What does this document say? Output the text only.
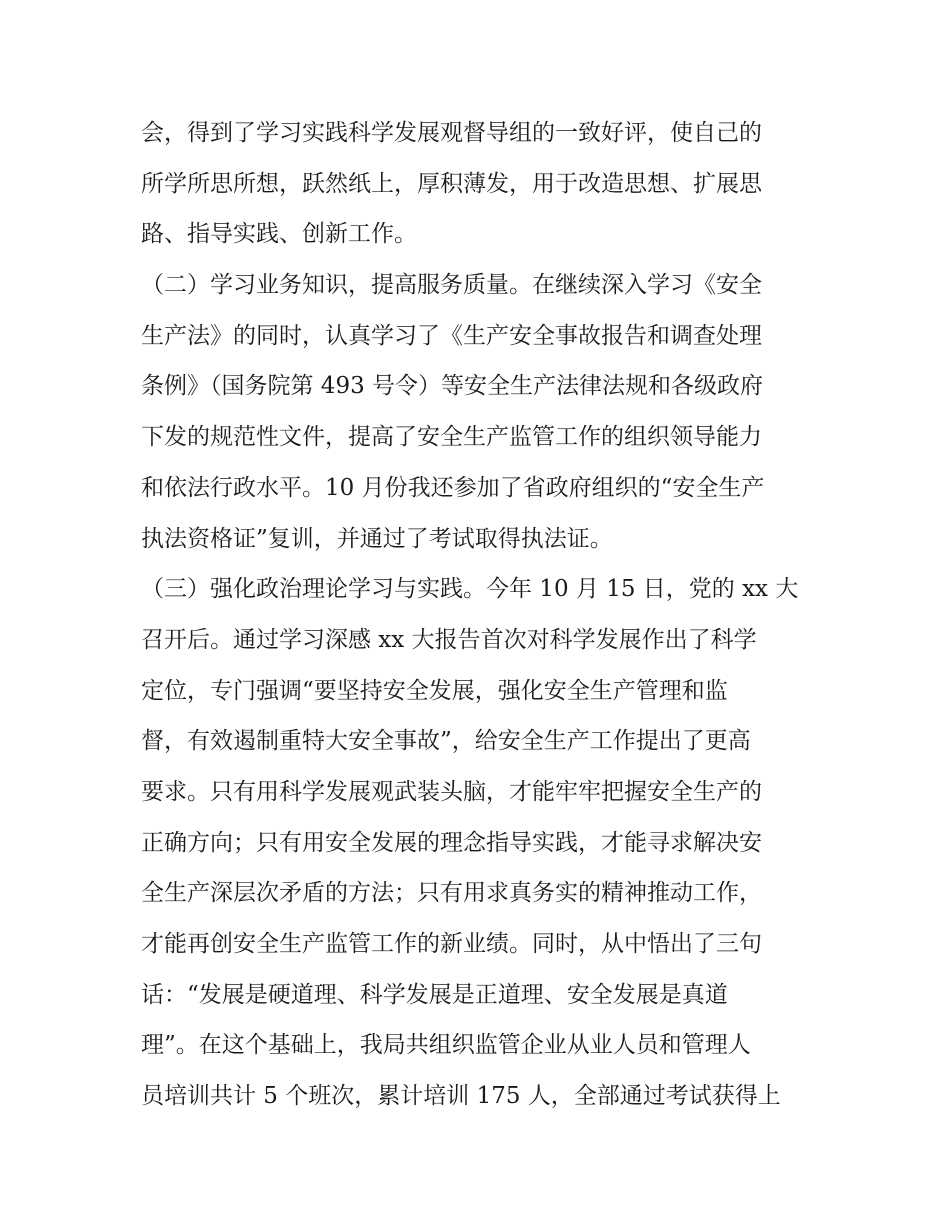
会，得到了学习实践科学发展观督导组的一致好评，使自己的
所学所思所想，跃然纸上，厚积薄发，用于改造思想、扩展思
路、指导实践、创新工作。
（二）学习业务知识，提高服务质量。在继续深入学习《安全
生产法》的同时，认真学习了《生产安全事故报告和调查处理
条例》（国务院第 493 号令）等安全生产法律法规和各级政府
下发的规范性文件，提高了安全生产监管工作的组织领导能力
和依法行政水平。10 月份我还参加了省政府组织的“安全生产
执法资格证”复训，并通过了考试取得执法证。
（三）强化政治理论学习与实践。今年 10 月 15 日，党的 xx 大
召开后。通过学习深感 xx 大报告首次对科学发展作出了科学
定位，专门强调“要坚持安全发展，强化安全生产管理和监
督，有效遏制重特大安全事故”，给安全生产工作提出了更高
要求。只有用科学发展观武装头脑，才能牢牢把握安全生产的
正确方向；只有用安全发展的理念指导实践，才能寻求解决安
全生产深层次矛盾的方法；只有用求真务实的精神推动工作，
才能再创安全生产监管工作的新业绩。同时，从中悟出了三句
话：“发展是硬道理、科学发展是正道理、安全发展是真道
理”。在这个基础上，我局共组织监管企业从业人员和管理人
员培训共计 5 个班次，累计培训 175 人，全部通过考试获得上
